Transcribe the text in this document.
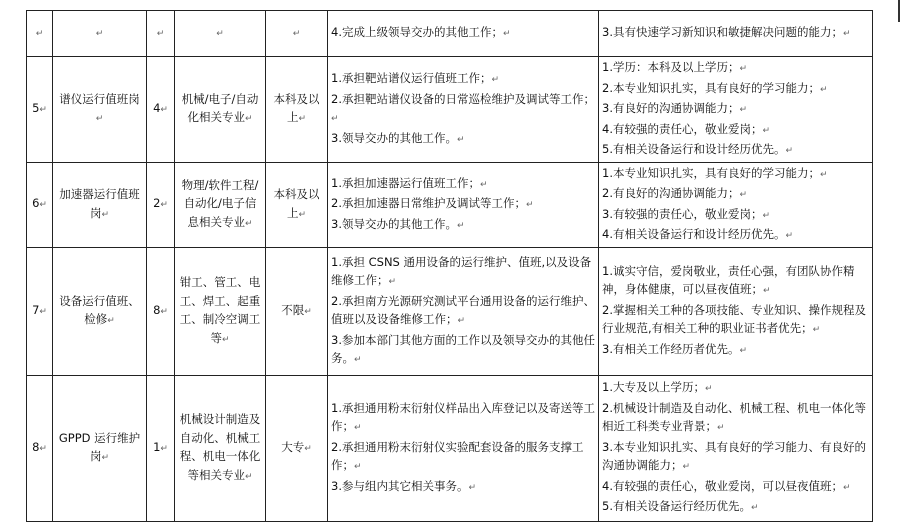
↵	↵	↵	↵	↵	4.完成上级领导交办的其他工作；↵	3.具有快速学习新知识和敏捷解决问题的能力；↵

5↵	谱仪运行值班岗↵	4↵	机械/电子/自动化相关专业↵	本科及以上↵	1.承担靶站谱仪运行值班工作；↵
2.承担靶站谱仪设备的日常巡检维护及调试等工作；↵
3.领导交办的其他工作。↵	1.学历：本科及以上学历；↵
2.本专业知识扎实，具有良好的学习能力；↵
3.有良好的沟通协调能力；↵
4.有较强的责任心，敬业爱岗；↵
5.有相关设备运行和设计经历优先。↵

6↵	加速器运行值班岗↵	2↵	物理/软件工程/自动化/电子信息相关专业↵	本科及以上↵	1.承担加速器运行值班工作；↵
2.承担加速器日常维护及调试等工作；↵
3.领导交办的其他工作。↵	1.本专业知识扎实，具有良好的学习能力；↵
2.有良好的沟通协调能力；↵
3.有较强的责任心，敬业爱岗；↵
4.有相关设备运行和设计经历优先。↵

7↵	设备运行值班、检修↵	8↵	钳工、管工、电工、焊工、起重工、制冷空调工等↵	不限↵	1.承担 CSNS 通用设备的运行维护、值班,以及设备维修工作；↵
2.承担南方光源研究测试平台通用设备的运行维护、值班以及设备维修工作；↵
3.参加本部门其他方面的工作以及领导交办的其他任务。↵	1.诚实守信，爱岗敬业，责任心强，有团队协作精神，身体健康，可以昼夜值班；↵
2.掌握相关工种的各项技能、专业知识、操作规程及行业规范,有相关工种的职业证书者优先；↵
3.有相关工作经历者优先。↵

8↵	GPPD 运行维护岗↵	1↵	机械设计制造及自动化、机械工程、机电一体化等相关专业↵	大专↵	1.承担通用粉末衍射仪样品出入库登记以及寄送等工作；↵
2.承担通用粉末衍射仪实验配套设备的服务支撑工作；↵
3.参与组内其它相关事务。↵	1.大专及以上学历；↵
2.机械设计制造及自动化、机械工程、机电一体化等相近工科类专业背景；↵
3.本专业知识扎实、具有良好的学习能力、有良好的沟通协调能力；↵
4.有较强的责任心，敬业爱岗，可以昼夜值班；↵
5.有相关设备运行经历优先。↵
